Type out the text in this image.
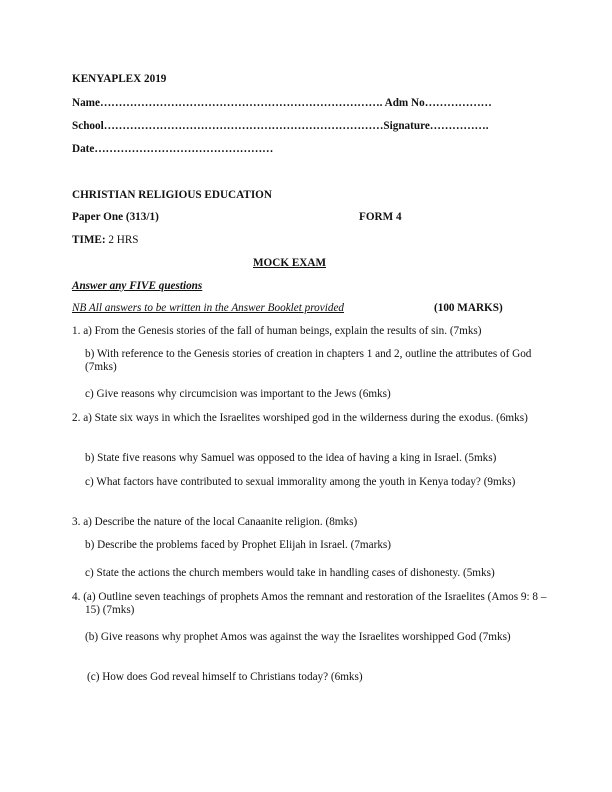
KENYAPLEX 2019
Name…………………………………………………………………. Adm No………………
School…………………………………………………………………Signature…………….
Date…………………………………………
CHRISTIAN RELIGIOUS EDUCATION
Paper One (313/1)	FORM 4
TIME: 2 HRS
MOCK EXAM
Answer any FIVE questions
NB All answers to be written in the Answer Booklet provided	(100 MARKS)
1. a) From the Genesis stories of the fall of human beings, explain the results of sin. (7mks)
b) With reference to the Genesis stories of creation in chapters 1 and 2, outline the attributes of God (7mks)
c) Give reasons why circumcision was important to the Jews (6mks)
2. a) State six ways in which the Israelites worshiped god in the wilderness during the exodus. (6mks)
b) State five reasons why Samuel was opposed to the idea of having a king in Israel. (5mks)
c) What factors have contributed to sexual immorality among the youth in Kenya today? (9mks)
3. a) Describe the nature of the local Canaanite religion. (8mks)
b) Describe the problems faced by Prophet Elijah in Israel. (7marks)
c) State the actions the church members would take in handling cases of dishonesty. (5mks)
4. (a) Outline seven teachings of prophets Amos the remnant and restoration of the Israelites (Amos 9: 8 – 15) (7mks)
(b) Give reasons why prophet Amos was against the way the Israelites worshipped God (7mks)
(c) How does God reveal himself to Christians today? (6mks)
